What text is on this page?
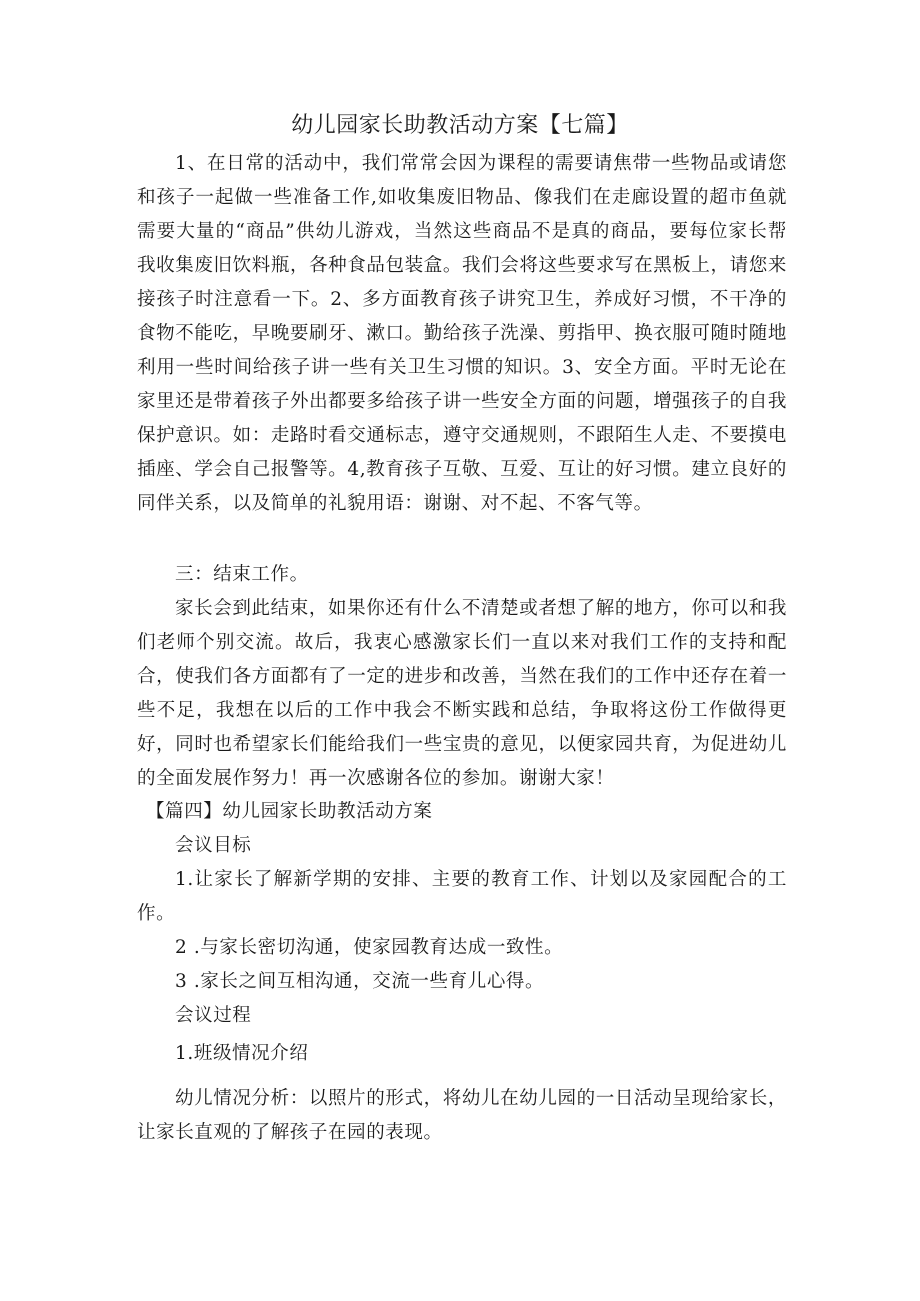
幼儿园家长助教活动方案【七篇】

1、在日常的活动中，我们常常会因为课程的需要请焦带一些物品或请您和孩子一起做一些准备工作,如收集废旧物品、像我们在走廊设置的超市鱼就需要大量的“商品”供幼儿游戏，当然这些商品不是真的商品，要每位家长帮我收集废旧饮料瓶，各种食品包装盒。我们会将这些要求写在黑板上，请您来接孩子时注意看一下。2、多方面教育孩子讲究卫生，养成好习惯，不干净的食物不能吃，早晚要刷牙、漱口。勤给孩子洗澡、剪指甲、换衣服可随时随地利用一些时间给孩子讲一些有关卫生习惯的知识。3、安全方面。平时无论在家里还是带着孩子外出都要多给孩子讲一些安全方面的问题，增强孩子的自我保护意识。如：走路时看交通标志，遵守交通规则，不跟陌生人走、不要摸电插座、学会自己报警等。4,教育孩子互敬、互爱、互让的好习惯。建立良好的同伴关系，以及简单的礼貌用语：谢谢、对不起、不客气等。

三：结束工作。

家长会到此结束，如果你还有什么不清楚或者想了解的地方，你可以和我们老师个别交流。故后，我衷心感激家长们一直以来对我们工作的支持和配合，使我们各方面都有了一定的进步和改善，当然在我们的工作中还存在着一些不足，我想在以后的工作中我会不断实践和总结，争取将这份工作做得更好，同时也希望家长们能给我们一些宝贵的意见，以便家园共育，为促进幼儿的全面发展作努力！再一次感谢各位的参加。谢谢大家！

【篇四】幼儿园家长助教活动方案

会议目标

1.让家长了解新学期的安排、主要的教育工作、计划以及家园配合的工作。

2 .与家长密切沟通，使家园教育达成一致性。

3 .家长之间互相沟通，交流一些育儿心得。

会议过程

1.班级情况介绍

幼儿情况分析：以照片的形式，将幼儿在幼儿园的一日活动呈现给家长，让家长直观的了解孩子在园的表现。
